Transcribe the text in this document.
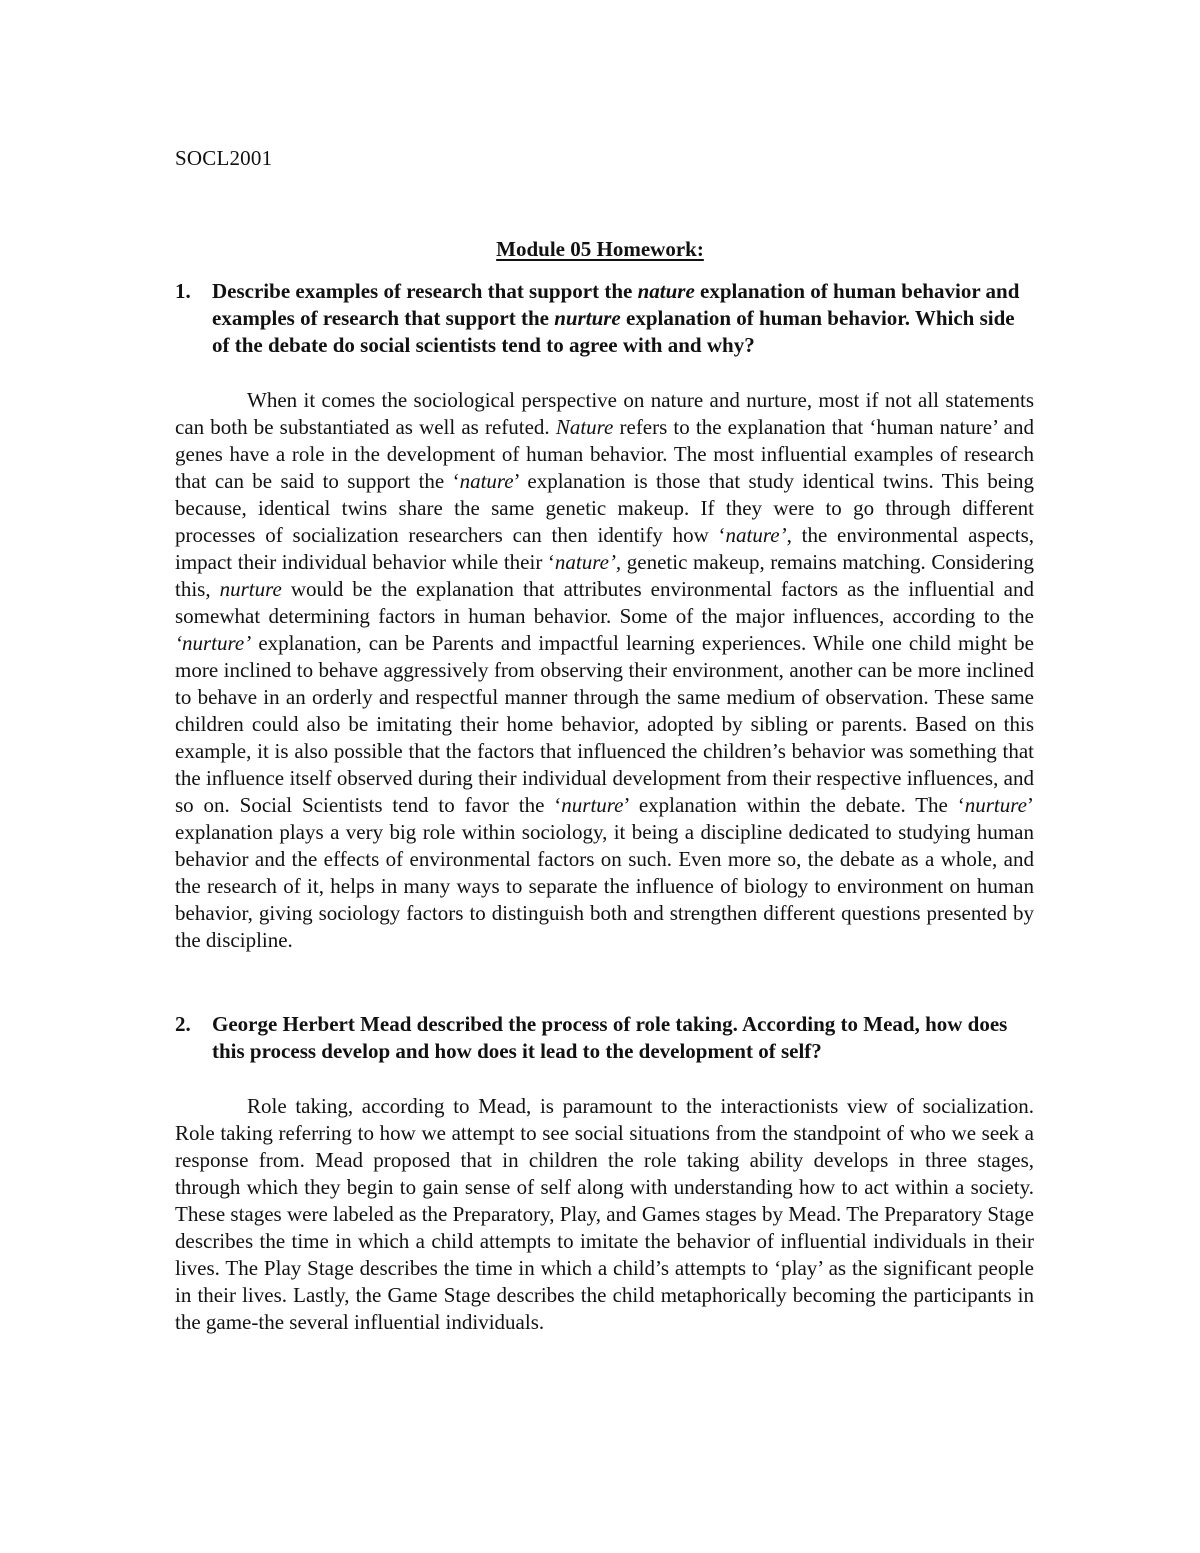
SOCL2001
Module 05 Homework:
1. Describe examples of research that support the nature explanation of human behavior and examples of research that support the nurture explanation of human behavior. Which side of the debate do social scientists tend to agree with and why?

When it comes the sociological perspective on nature and nurture, most if not all statements can both be substantiated as well as refuted. Nature refers to the explanation that ‘human nature’ and genes have a role in the development of human behavior. The most influential examples of research that can be said to support the ‘nature’ explanation is those that study identical twins. This being because, identical twins share the same genetic makeup. If they were to go through different processes of socialization researchers can then identify how ‘nature’, the environmental aspects, impact their individual behavior while their ‘nature’, genetic makeup, remains matching. Considering this, nurture would be the explanation that attributes environmental factors as the influential and somewhat determining factors in human behavior. Some of the major influences, according to the ‘nurture’ explanation, can be Parents and impactful learning experiences. While one child might be more inclined to behave aggressively from observing their environment, another can be more inclined to behave in an orderly and respectful manner through the same medium of observation. These same children could also be imitating their home behavior, adopted by sibling or parents. Based on this example, it is also possible that the factors that influenced the children’s behavior was something that the influence itself observed during their individual development from their respective influences, and so on. Social Scientists tend to favor the ‘nurture’ explanation within the debate. The ‘nurture’ explanation plays a very big role within sociology, it being a discipline dedicated to studying human behavior and the effects of environmental factors on such. Even more so, the debate as a whole, and the research of it, helps in many ways to separate the influence of biology to environment on human behavior, giving sociology factors to distinguish both and strengthen different questions presented by the discipline.

2. George Herbert Mead described the process of role taking. According to Mead, how does this process develop and how does it lead to the development of self?

Role taking, according to Mead, is paramount to the interactionists view of socialization. Role taking referring to how we attempt to see social situations from the standpoint of who we seek a response from. Mead proposed that in children the role taking ability develops in three stages, through which they begin to gain sense of self along with understanding how to act within a society. These stages were labeled as the Preparatory, Play, and Games stages by Mead. The Preparatory Stage describes the time in which a child attempts to imitate the behavior of influential individuals in their lives. The Play Stage describes the time in which a child’s attempts to ‘play’ as the significant people in their lives. Lastly, the Game Stage describes the child metaphorically becoming the participants in the game-the several influential individuals.
